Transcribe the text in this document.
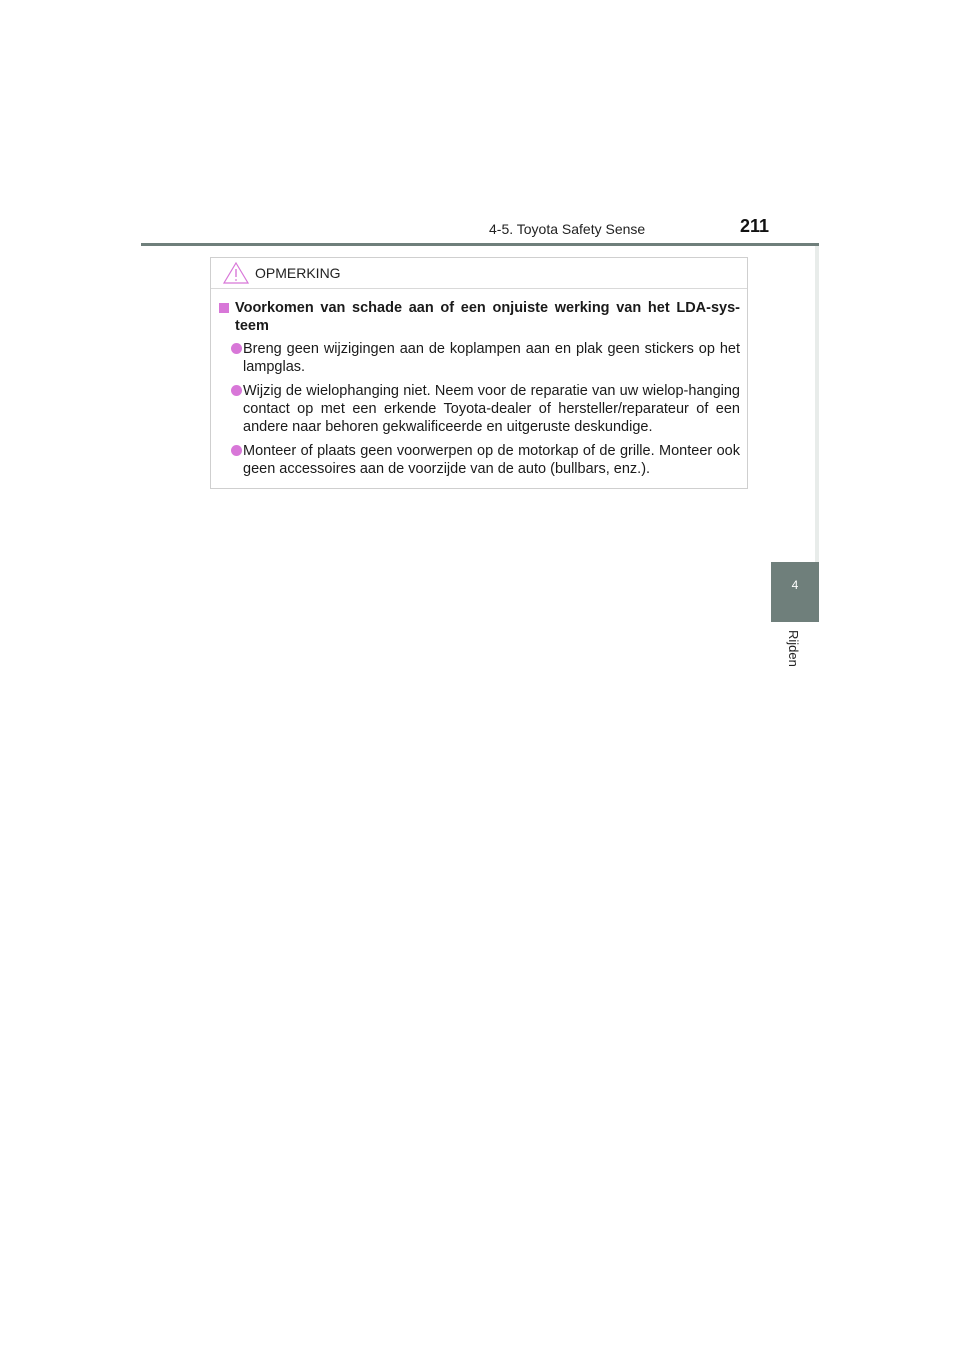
4-5. Toyota Safety Sense	211
4
Rijden
OPMERKING
Voorkomen van schade aan of een onjuiste werking van het LDA-sys-teem
Breng geen wijzigingen aan de koplampen aan en plak geen stickers op het lampglas.
Wijzig de wielophanging niet. Neem voor de reparatie van uw wielop-hanging contact op met een erkende Toyota-dealer of hersteller/reparateur of een andere naar behoren gekwalificeerde en uitgeruste deskundige.
Monteer of plaats geen voorwerpen op de motorkap of de grille. Monteer ook geen accessoires aan de voorzijde van de auto (bullbars, enz.).
